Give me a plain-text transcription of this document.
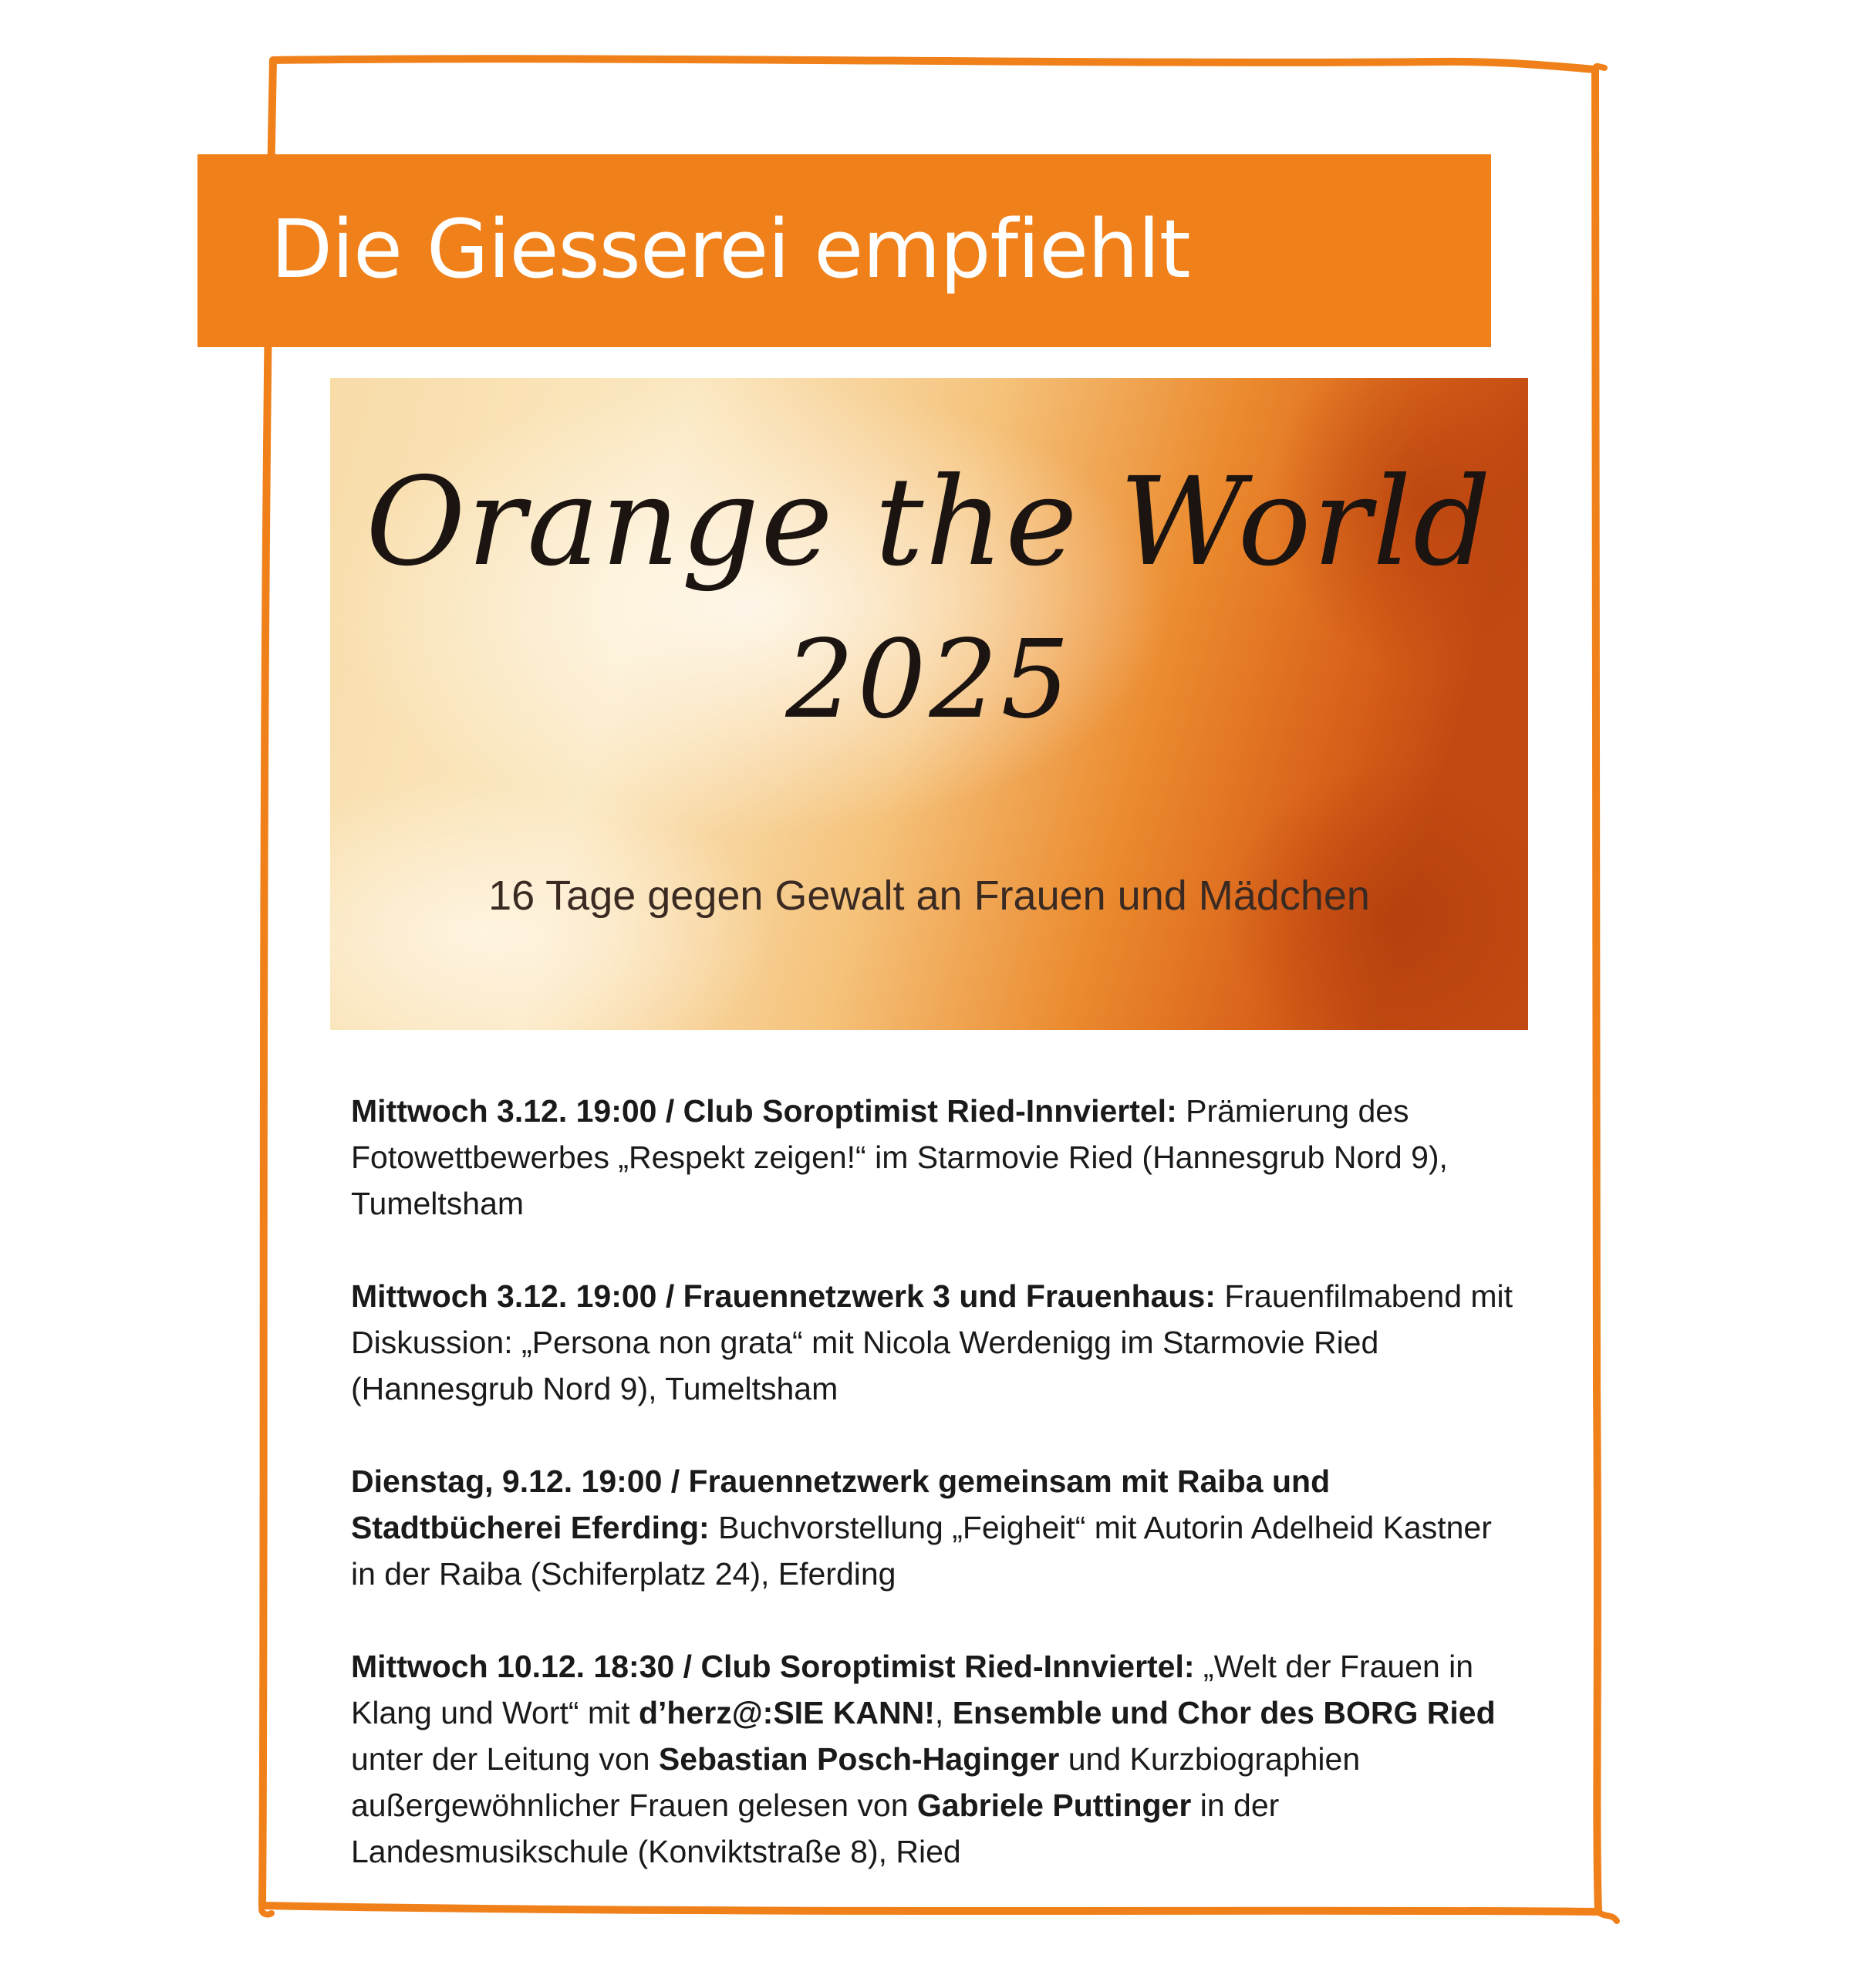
Die Giesserei empfiehlt
Orange the World
2025
16 Tage gegen Gewalt an Frauen und Mädchen

Mittwoch 3.12. 19:00 / Club Soroptimist Ried-Innviertel: Prämierung des Fotowettbewerbes „Respekt zeigen!“ im Starmovie Ried (Hannesgrub Nord 9), Tumeltsham

Mittwoch 3.12. 19:00 / Frauennetzwerk 3 und Frauenhaus: Frauenfilmabend mit Diskussion: „Persona non grata“ mit Nicola Werdenigg im Starmovie Ried (Hannesgrub Nord 9), Tumeltsham

Dienstag, 9.12. 19:00 / Frauennetzwerk gemeinsam mit Raiba und Stadtbücherei Eferding: Buchvorstellung „Feigheit“ mit Autorin Adelheid Kastner in der Raiba (Schiferplatz 24), Eferding

Mittwoch 10.12. 18:30 / Club Soroptimist Ried-Innviertel: „Welt der Frauen in Klang und Wort“ mit d’herz@:SIE KANN!, Ensemble und Chor des BORG Ried unter der Leitung von Sebastian Posch-Haginger und Kurzbiographien außergewöhnlicher Frauen gelesen von Gabriele Puttinger in der Landesmusikschule (Konviktstraße 8), Ried
